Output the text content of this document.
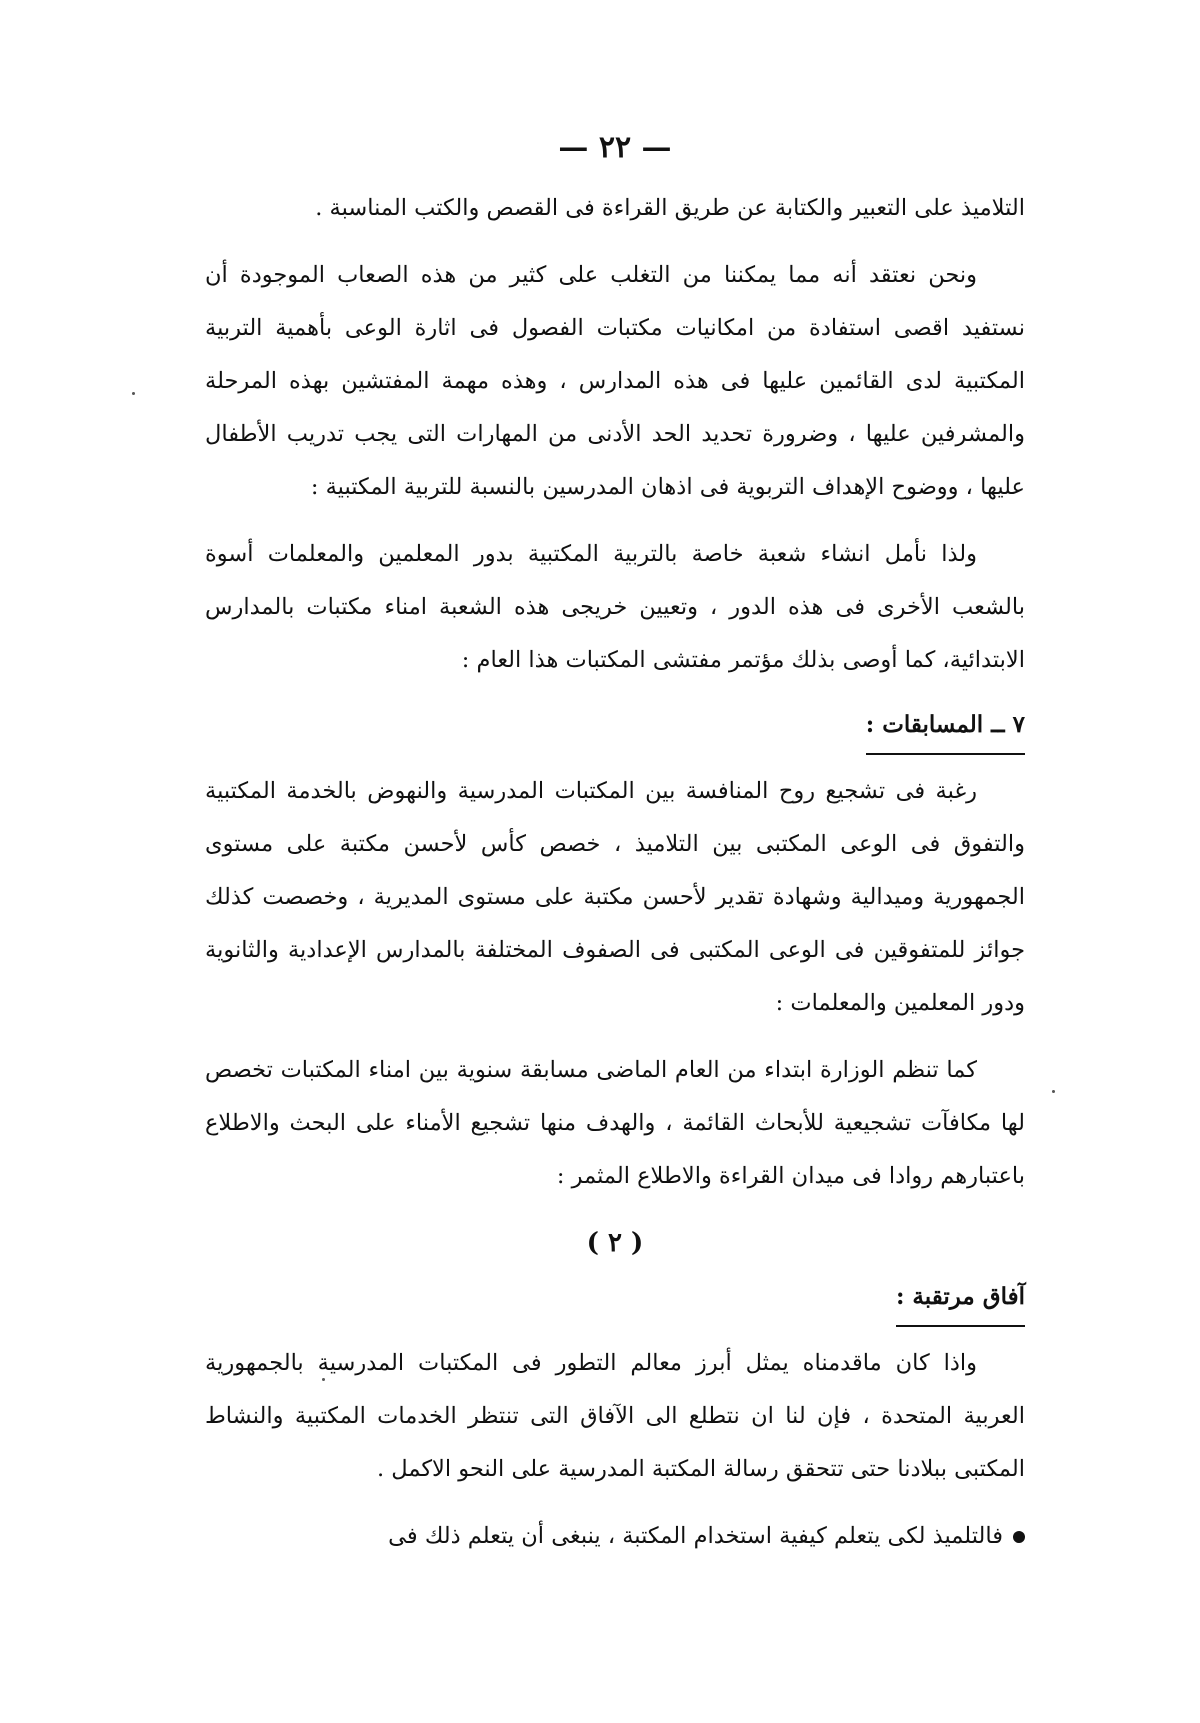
— ٢٢ —

التلاميذ على التعبير والكتابة عن طريق القراءة فى القصص والكتب المناسبة .

ونحن نعتقد أنه مما يمكننا من التغلب على كثير من هذه الصعاب الموجودة أن نستفيد اقصى استفادة من امكانيات مكتبات الفصول فى اثارة الوعى بأهمية التربية المكتبية لدى القائمين عليها فى هذه المدارس ، وهذه مهمة المفتشين بهذه المرحلة والمشرفين عليها ، وضرورة تحديد الحد الأدنى من المهارات التى يجب تدريب الأطفال عليها ، ووضوح الإهداف التربوية فى اذهان المدرسين بالنسبة للتربية المكتبية :

ولذا نأمل انشاء شعبة خاصة بالتربية المكتبية بدور المعلمين والمعلمات أسوة بالشعب الأخرى فى هذه الدور ، وتعيين خريجى هذه الشعبة امناء مكتبات بالمدارس الابتدائية، كما أوصى بذلك مؤتمر مفتشى المكتبات هذا العام :

٧ ــ المسابقات :

رغبة فى تشجيع روح المنافسة بين المكتبات المدرسية والنهوض بالخدمة المكتبية والتفوق فى الوعى المكتبى بين التلاميذ ، خصص كأس لأحسن مكتبة على مستوى الجمهورية وميدالية وشهادة تقدير لأحسن مكتبة على مستوى المديرية ، وخصصت كذلك جوائز للمتفوقين فى الوعى المكتبى فى الصفوف المختلفة بالمدارس الإعدادية والثانوية ودور المعلمين والمعلمات :

كما تنظم الوزارة ابتداء من العام الماضى مسابقة سنوية بين امناء المكتبات تخصص لها مكافآت تشجيعية للأبحاث القائمة ، والهدف منها تشجيع الأمناء على البحث والاطلاع باعتبارهم روادا فى ميدان القراءة والاطلاع المثمر :

( ٢ )
آفاق مرتقبة :

واذا كان ماقدمناه يمثل أبرز معالم التطور فى المكتبات المدرسية بالجمهورية العربية المتحدة ، فإن لنا ان نتطلع الى الآفاق التى تنتظر الخدمات المكتبية والنشاط المكتبى ببلادنا حتى تتحقق رسالة المكتبة المدرسية على النحو الاكمل .

فالتلميذ لكى يتعلم كيفية استخدام المكتبة ، ينبغى أن يتعلم ذلك فى
